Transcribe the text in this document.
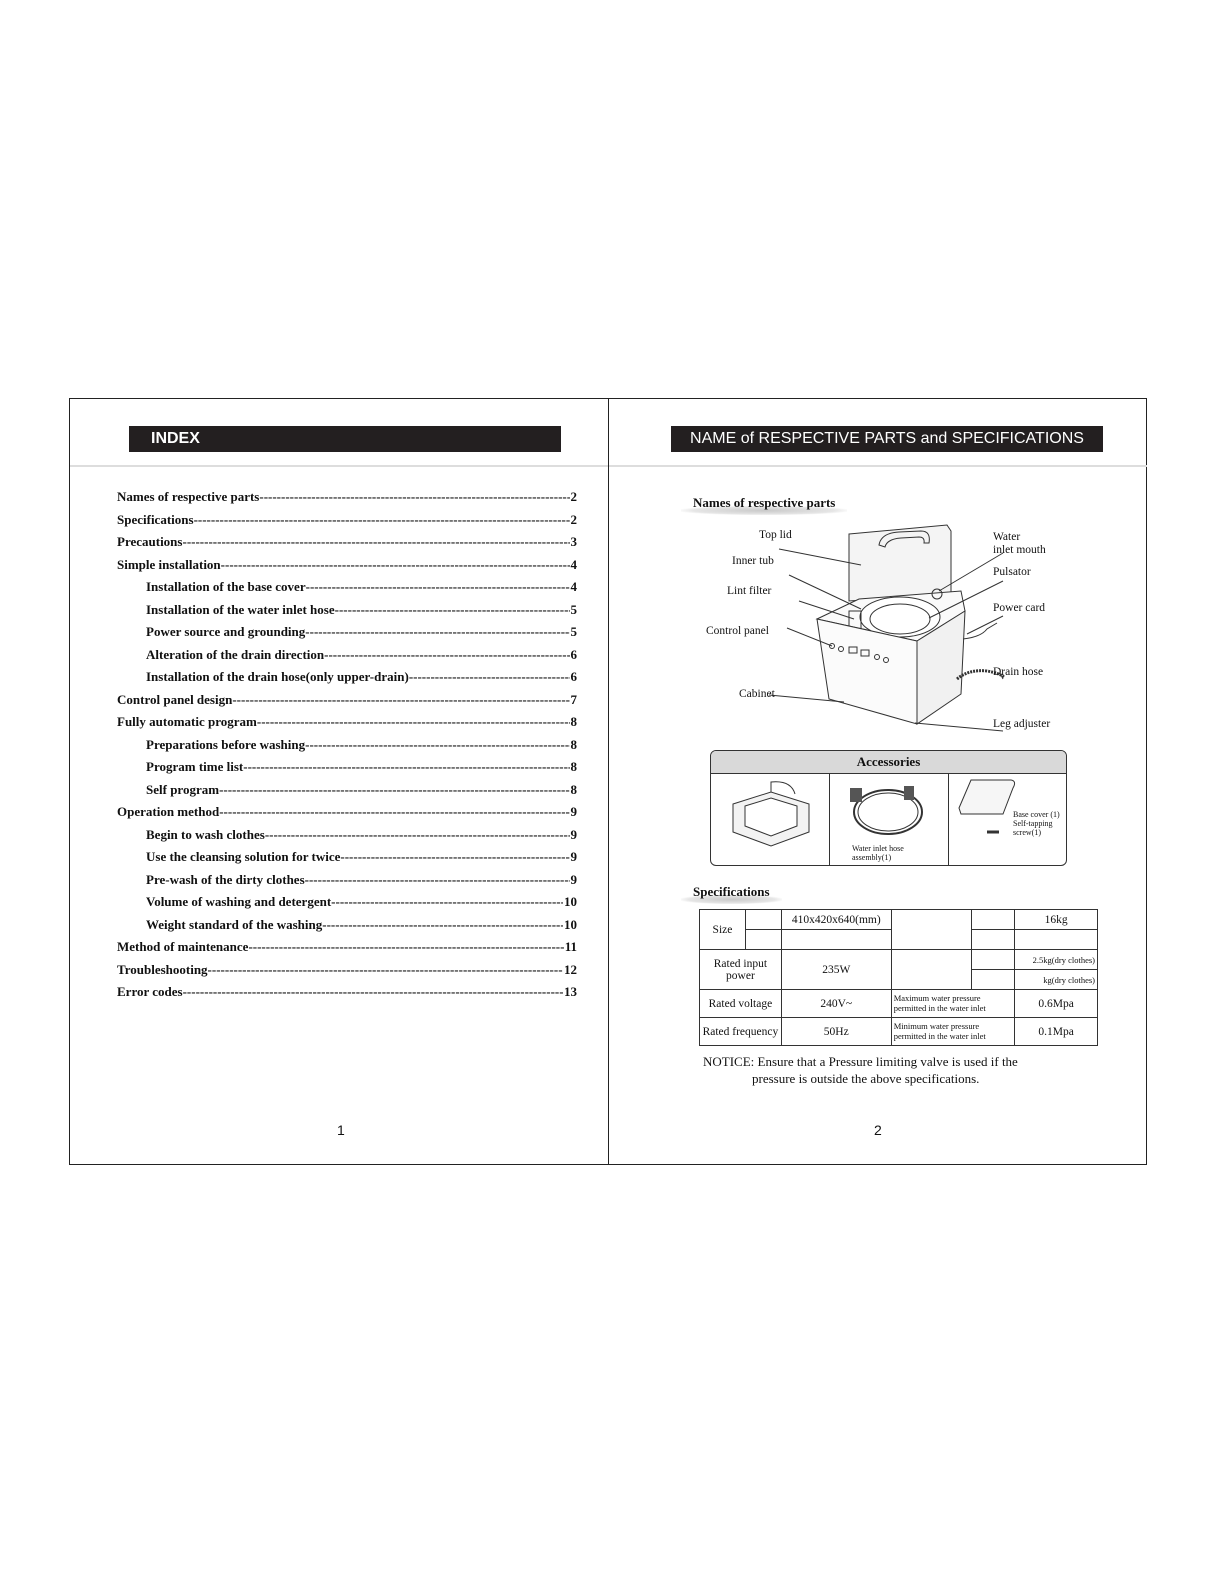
INDEX
Names of respective parts -----	2
Specifications -----	2
Precautions -----	3
Simple installation -----	4
Installation of the base cover -----	4
Installation of the water inlet hose -----	5
Power source and grounding -----	5
Alteration of the drain direction -----	6
Installation of the drain hose(only upper-drain) -----	6
Control panel design -----	7
Fully automatic program -----	8
Preparations before washing -----	8
Program time list -----	8
Self program -----	8
Operation method -----	9
Begin to wash clothes -----	9
Use the cleansing solution for twice -----	9
Pre-wash of the dirty clothes -----	9
Volume of washing and detergent -----	10
Weight standard of the washing -----	10
Method of maintenance -----	11
Troubleshooting -----	12
Error codes -----	13
1
NAME of RESPECTIVE PARTS and SPECIFICATIONS
Names of respective parts
Top lid
Inner tub
Lint filter
Control panel
Cabinet
Water
inlet mouth
Pulsator
Power card
Drain hose
Leg adjuster
Accessories
Water inlet hose
assembly(1)
Base cover (1)
Self-tapping screw(1)
Specifications
Size		410x420x640(mm)			16kg

Rated input power		235W			2.5kg(dry clothes)
					kg(dry clothes)
Rated voltage		240V~	Maximum water pressure permitted in the water inlet		0.6Mpa
Rated frequency		50Hz	Minimum water pressure permitted in the water inlet		0.1Mpa
NOTICE: Ensure that a Pressure limiting valve is used if the
pressure is outside the above specifications.
2
